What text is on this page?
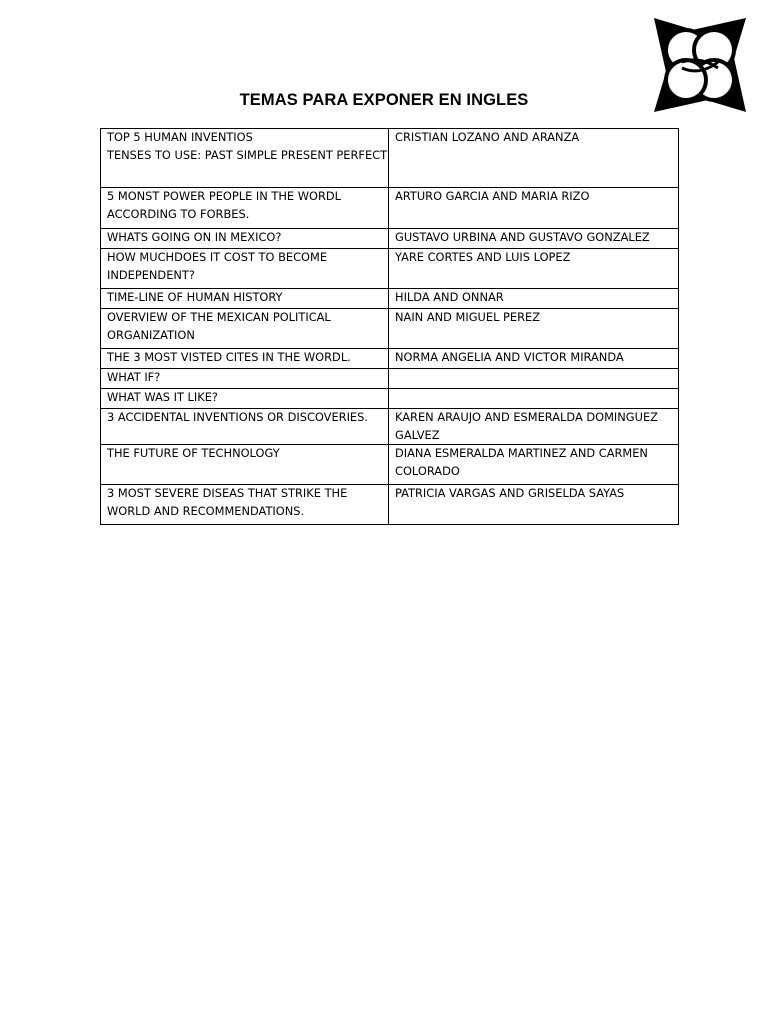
TEMAS PARA EXPONER EN INGLES
TOP 5 HUMAN INVENTIOS
TENSES TO USE: PAST SIMPLE PRESENT PERFECT	CRISTIAN LOZANO AND ARANZA

5 MONST POWER PEOPLE IN THE WORDL
ACCORDING TO FORBES.	ARTURO GARCIA AND MARIA RIZO

WHATS GOING ON IN MEXICO?	GUSTAVO URBINA AND GUSTAVO GONZALEZ

HOW MUCHDOES IT COST TO BECOME
INDEPENDENT?	YARE CORTES AND LUIS LOPEZ

TIME-LINE OF HUMAN HISTORY	HILDA AND ONNAR

OVERVIEW OF THE MEXICAN POLITICAL
ORGANIZATION	NAIN AND MIGUEL PEREZ

THE 3 MOST VISTED CITES IN THE WORDL.	NORMA ANGELIA AND VICTOR MIRANDA

WHAT IF?	

WHAT WAS IT LIKE?	

3 ACCIDENTAL INVENTIONS OR DISCOVERIES.	KAREN ARAUJO AND ESMERALDA DOMINGUEZ
GALVEZ

THE FUTURE OF TECHNOLOGY	DIANA ESMERALDA MARTINEZ AND CARMEN
COLORADO

3 MOST SEVERE DISEAS THAT STRIKE THE
WORLD AND RECOMMENDATIONS.	PATRICIA VARGAS AND GRISELDA SAYAS
